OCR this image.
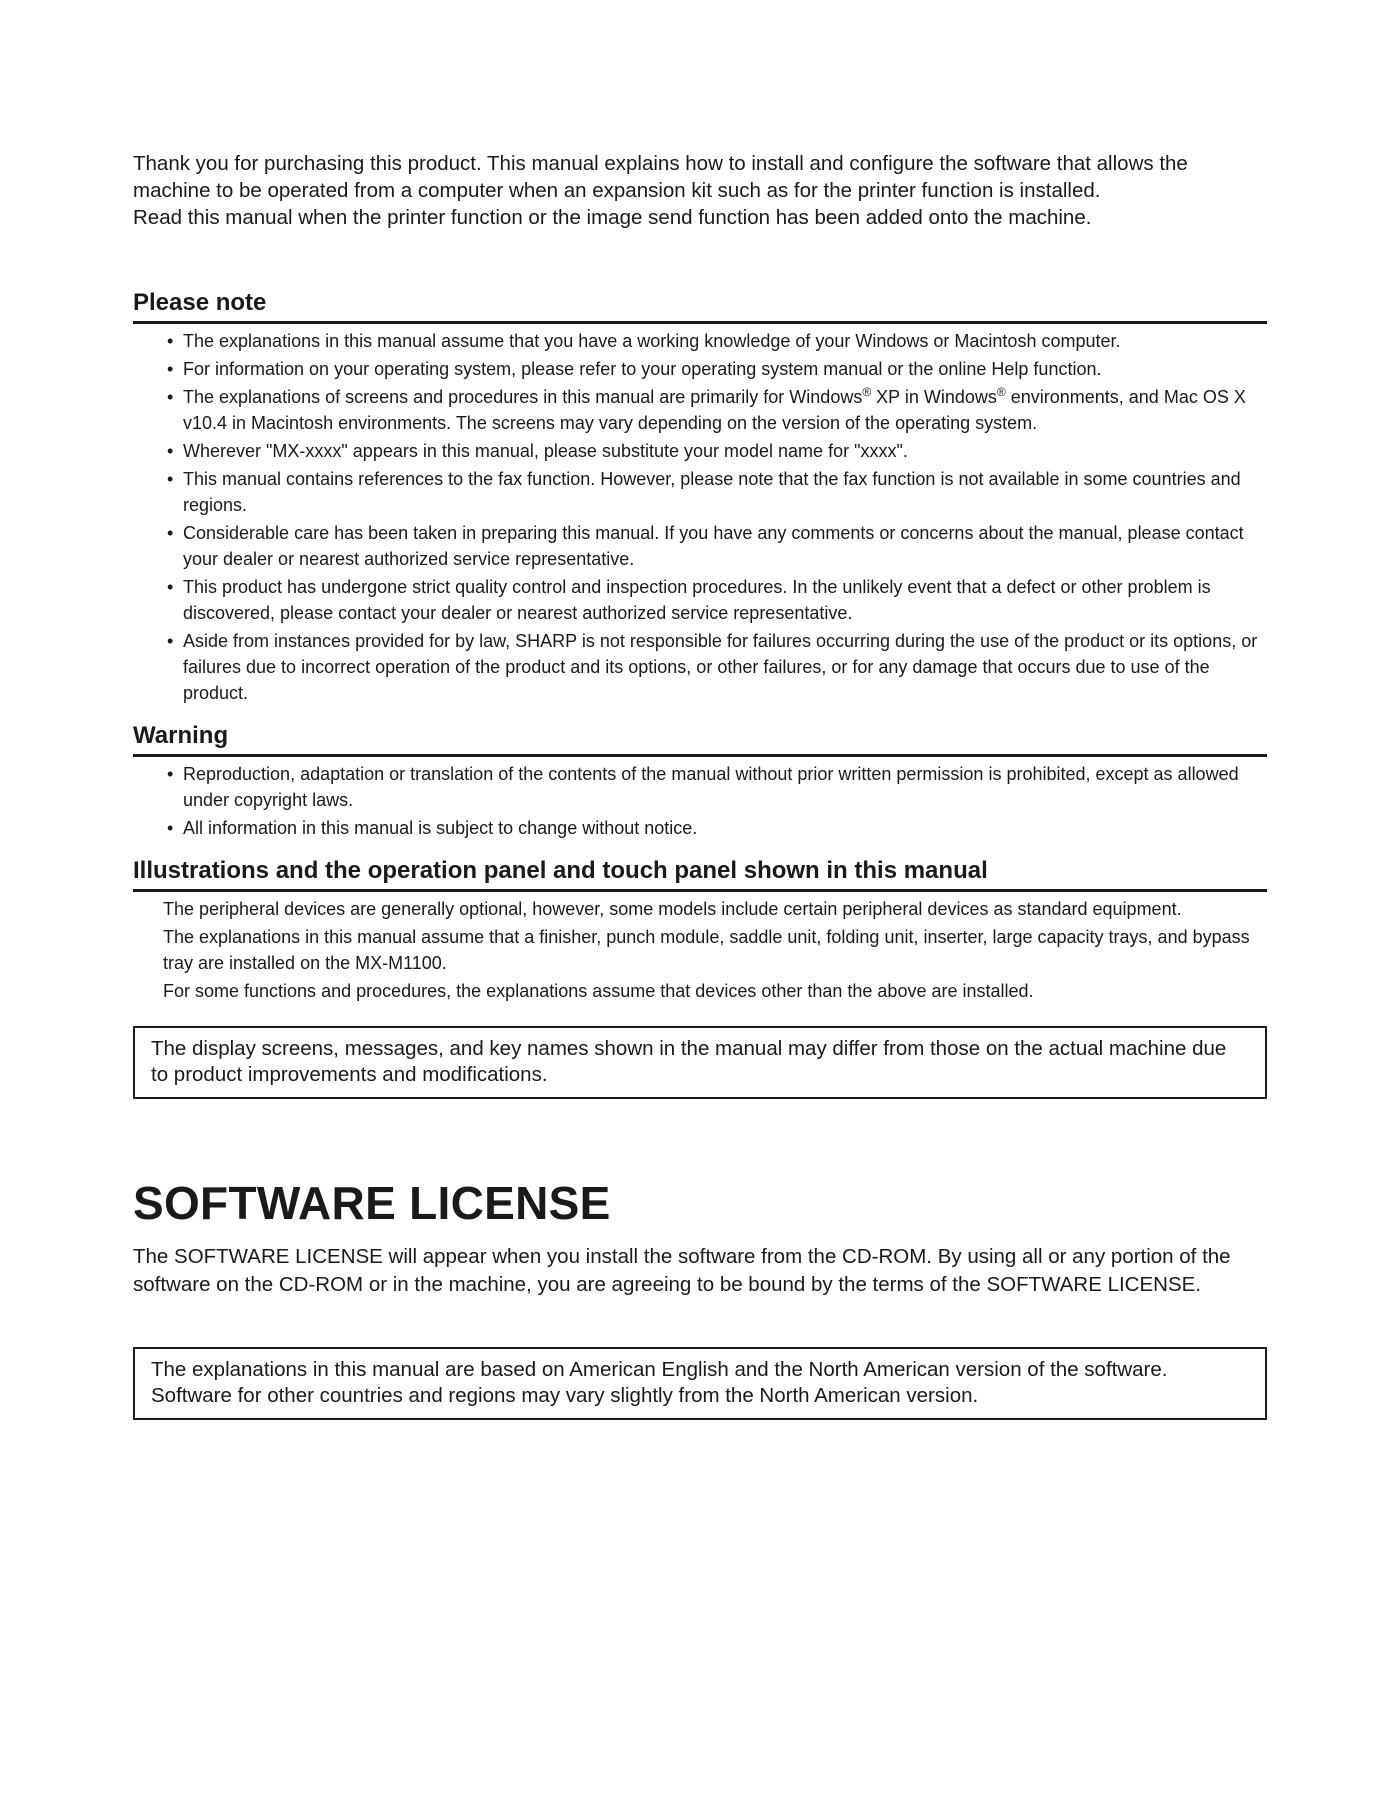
Thank you for purchasing this product. This manual explains how to install and configure the software that allows the machine to be operated from a computer when an expansion kit such as for the printer function is installed.

Read this manual when the printer function or the image send function has been added onto the machine.

Please note
• The explanations in this manual assume that you have a working knowledge of your Windows or Macintosh computer.
• For information on your operating system, please refer to your operating system manual or the online Help function.
• The explanations of screens and procedures in this manual are primarily for Windows® XP in Windows® environments, and Mac OS X v10.4 in Macintosh environments. The screens may vary depending on the version of the operating system.
• Wherever "MX-xxxx" appears in this manual, please substitute your model name for "xxxx".
• This manual contains references to the fax function. However, please note that the fax function is not available in some countries and regions.
• Considerable care has been taken in preparing this manual. If you have any comments or concerns about the manual, please contact your dealer or nearest authorized service representative.
• This product has undergone strict quality control and inspection procedures. In the unlikely event that a defect or other problem is discovered, please contact your dealer or nearest authorized service representative.
• Aside from instances provided for by law, SHARP is not responsible for failures occurring during the use of the product or its options, or failures due to incorrect operation of the product and its options, or other failures, or for any damage that occurs due to use of the product.
Warning
• Reproduction, adaptation or translation of the contents of the manual without prior written permission is prohibited, except as allowed under copyright laws.
• All information in this manual is subject to change without notice.
Illustrations and the operation panel and touch panel shown in this manual

The peripheral devices are generally optional, however, some models include certain peripheral devices as standard equipment.

The explanations in this manual assume that a finisher, punch module, saddle unit, folding unit, inserter, large capacity trays, and bypass tray are installed on the MX-M1100.

For some functions and procedures, the explanations assume that devices other than the above are installed.

The display screens, messages, and key names shown in the manual may differ from those on the actual machine due to product improvements and modifications.

SOFTWARE LICENSE

The SOFTWARE LICENSE will appear when you install the software from the CD-ROM. By using all or any portion of the software on the CD-ROM or in the machine, you are agreeing to be bound by the terms of the SOFTWARE LICENSE.

The explanations in this manual are based on American English and the North American version of the software. Software for other countries and regions may vary slightly from the North American version.
